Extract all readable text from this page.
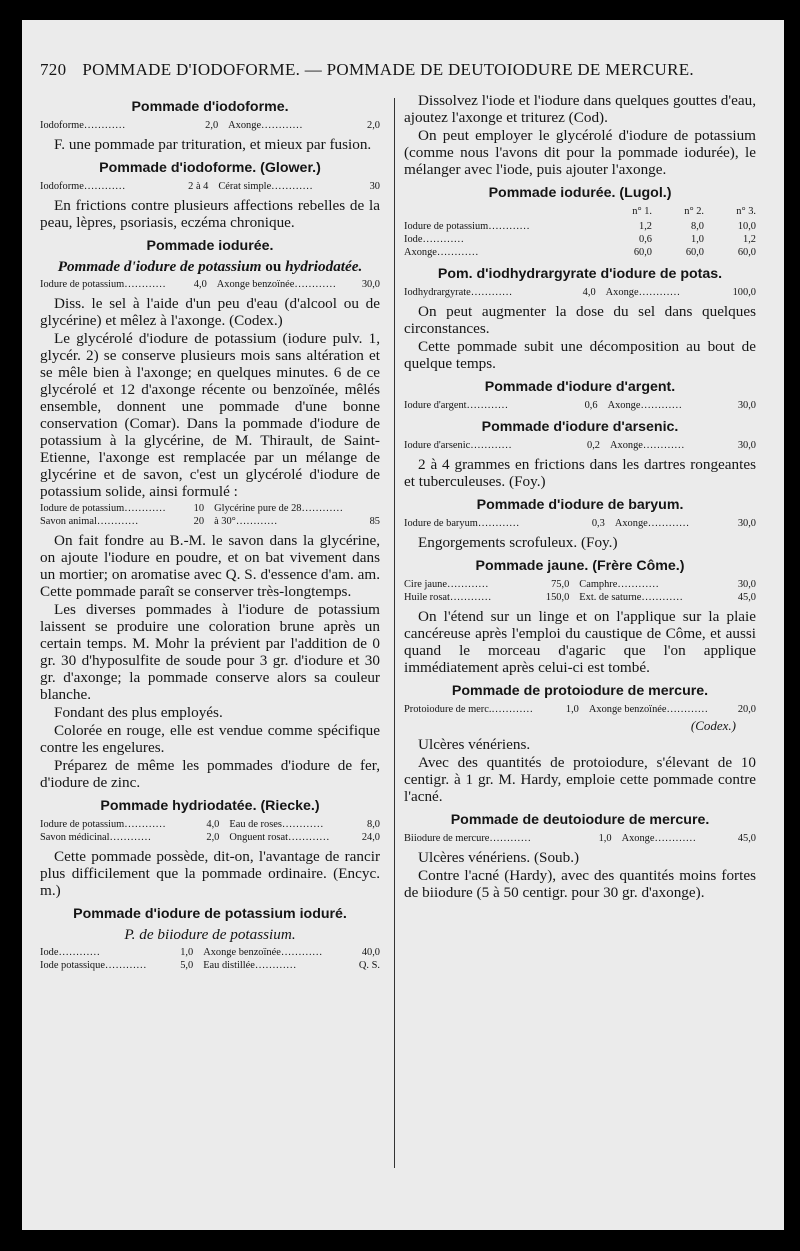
720 POMMADE D'IODOFORME. — POMMADE DE DEUTOIODURE DE MERCURE.
Pommade d'iodoforme.
Iodoforme…………	2,0	Axonge…………	2,0

F. une pommade par trituration, et mieux par fusion.

Pommade d'iodoforme. (Glower.)
Iodoforme…………	2 à 4	Cérat simple…………	30

En frictions contre plusieurs affections rebelles de la peau, lèpres, psoriasis, eczéma chronique.

Pommade iodurée.
Pommade d'iodure de potassium ou hydriodatée.
Iodure de potassium…………	4,0	Axonge benzoïnée…………	30,0

Diss. le sel à l'aide d'un peu d'eau (d'alcool ou de glycérine) et mêlez à l'axonge. (Codex.)

Le glycérolé d'iodure de potassium (iodure pulv. 1, glycér. 2) se conserve plusieurs mois sans altération et se mêle bien à l'axonge; en quelques minutes. 6 de ce glycérolé et 12 d'axonge récente ou benzoïnée, mêlés ensemble, donnent une pommade d'une bonne conservation (Comar). Dans la pommade d'iodure de potassium à la glycérine, de M. Thirault, de Saint-Etienne, l'axonge est remplacée par un mélange de glycérine et de savon, c'est un glycérolé d'iodure de potassium solide, ainsi formulé :

Iodure de potassium…………	10	Glycérine pure de 28…………	
Savon animal…………	20	à 30°…………	85

On fait fondre au B.-M. le savon dans la glycérine, on ajoute l'iodure en poudre, et on bat vivement dans un mortier; on aromatise avec Q. S. d'essence d'am. am. Cette pommade paraît se conserver très-longtemps.

Les diverses pommades à l'iodure de potassium laissent se produire une coloration brune après un certain temps. M. Mohr la prévient par l'addition de 0 gr. 30 d'hyposulfite de soude pour 3 gr. d'iodure et 30 gr. d'axonge; la pommade conserve alors sa couleur blanche.

Fondant des plus employés.

Colorée en rouge, elle est vendue comme spécifique contre les engelures.

Préparez de même les pommades d'iodure de fer, d'iodure de zinc.

Pommade hydriodatée. (Riecke.)
Iodure de potassium…………	4,0	Eau de roses…………	8,0
Savon médicinal…………	2,0	Onguent rosat…………	24,0

Cette pommade possède, dit-on, l'avantage de rancir plus difficilement que la pommade ordinaire. (Encyc. m.)

Pommade d'iodure de potassium ioduré.
P. de biiodure de potassium.
Iode…………	1,0	Axonge benzoïnée…………	40,0
Iode potassique…………	5,0	Eau distillée…………	Q. S.

Dissolvez l'iode et l'iodure dans quelques gouttes d'eau, ajoutez l'axonge et triturez (Cod).

On peut employer le glycérolé d'iodure de potassium (comme nous l'avons dit pour la pommade iodurée), le mélanger avec l'iode, puis ajouter l'axonge.

Pommade iodurée. (Lugol.)
	n° 1.	n° 2.	n° 3.
Iodure de potassium…………	1,2	8,0	10,0
Iode…………	0,6	1,0	1,2
Axonge…………	60,0	60,0	60,0
Pom. d'iodhydrargyrate d'iodure de potas.
Iodhydrargyrate…………	4,0	Axonge…………	100,0

On peut augmenter la dose du sel dans quelques circonstances.

Cette pommade subit une décomposition au bout de quelque temps.

Pommade d'iodure d'argent.
Iodure d'argent…………	0,6	Axonge…………	30,0
Pommade d'iodure d'arsenic.
Iodure d'arsenic…………	0,2	Axonge…………	30,0

2 à 4 grammes en frictions dans les dartres rongeantes et tuberculeuses. (Foy.)

Pommade d'iodure de baryum.
Iodure de baryum…………	0,3	Axonge…………	30,0

Engorgements scrofuleux. (Foy.)

Pommade jaune. (Frère Côme.)
Cire jaune…………	75,0	Camphre…………	30,0
Huile rosat…………	150,0	Ext. de saturne…………	45,0

On l'étend sur un linge et on l'applique sur la plaie cancéreuse après l'emploi du caustique de Côme, et aussi quand le morceau d'agaric que l'on applique immédiatement après celui-ci est tombé.

Pommade de protoiodure de mercure.
Protoiodure de merc.…………	1,0	Axonge benzoïnée…………	20,0
(Codex.)

Ulcères vénériens.

Avec des quantités de protoiodure, s'élevant de 10 centigr. à 1 gr. M. Hardy, emploie cette pommade contre l'acné.

Pommade de deutoiodure de mercure.
Biiodure de mercure…………	1,0	Axonge…………	45,0

Ulcères vénériens. (Soub.)

Contre l'acné (Hardy), avec des quantités moins fortes de biiodure (5 à 50 centigr. pour 30 gr. d'axonge).
